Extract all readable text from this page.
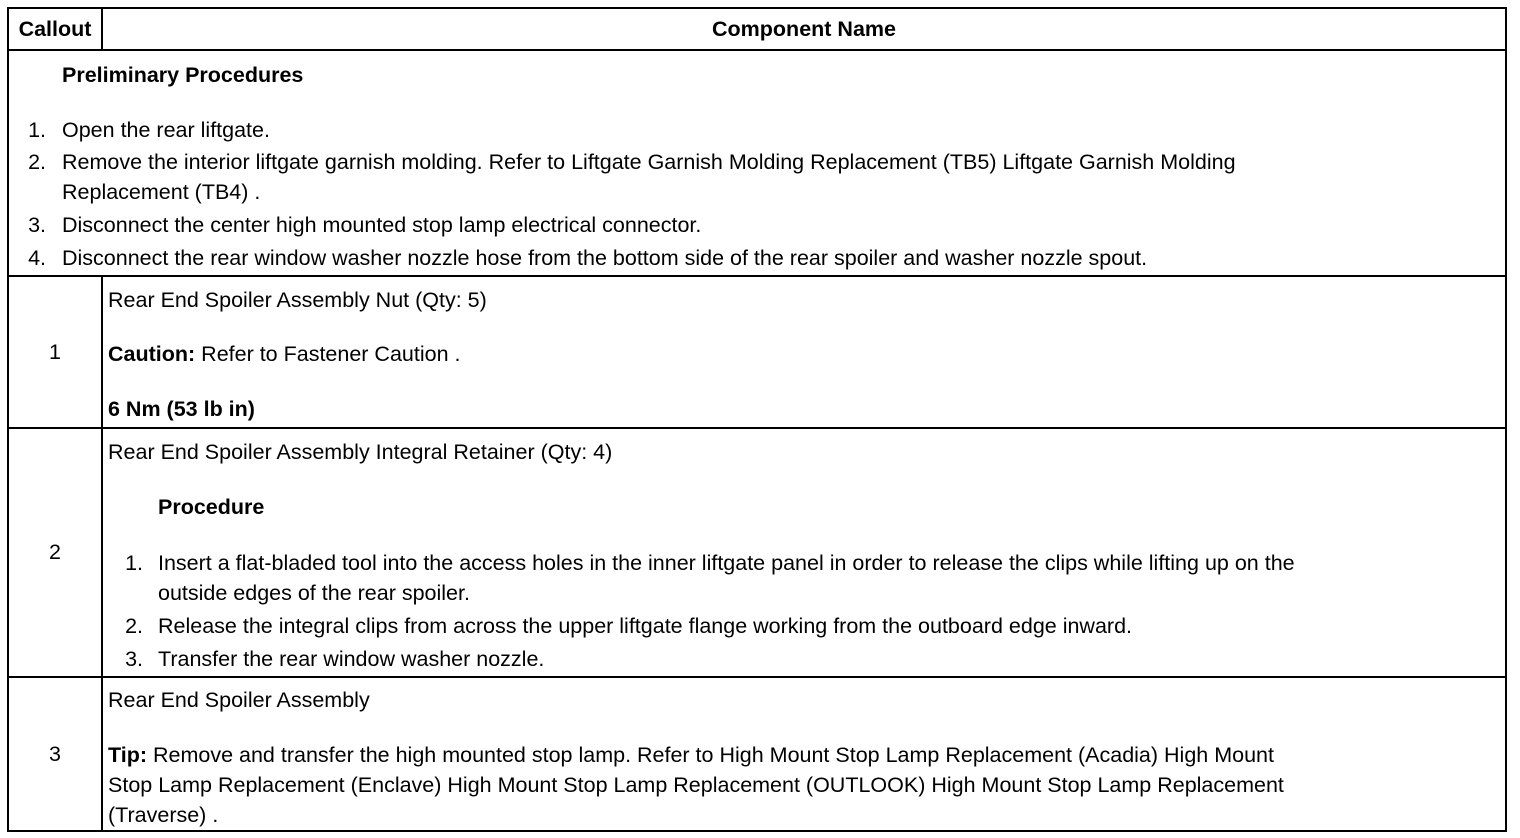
Callout	Component Name
Preliminary Procedures
1. Open the rear liftgate.
2. Remove the interior liftgate garnish molding. Refer to Liftgate Garnish Molding Replacement (TB5) Liftgate Garnish Molding
Replacement (TB4) .
3. Disconnect the center high mounted stop lamp electrical connector.
4. Disconnect the rear window washer nozzle hose from the bottom side of the rear spoiler and washer nozzle spout.
1
Rear End Spoiler Assembly Nut (Qty: 5)
Caution: Refer to Fastener Caution .
6 Nm (53 lb in)
2
Rear End Spoiler Assembly Integral Retainer (Qty: 4)
Procedure
1. Insert a flat-bladed tool into the access holes in the inner liftgate panel in order to release the clips while lifting up on the
outside edges of the rear spoiler.
2. Release the integral clips from across the upper liftgate flange working from the outboard edge inward.
3. Transfer the rear window washer nozzle.
3
Rear End Spoiler Assembly
Tip: Remove and transfer the high mounted stop lamp. Refer to High Mount Stop Lamp Replacement (Acadia) High Mount
Stop Lamp Replacement (Enclave) High Mount Stop Lamp Replacement (OUTLOOK) High Mount Stop Lamp Replacement
(Traverse) .
